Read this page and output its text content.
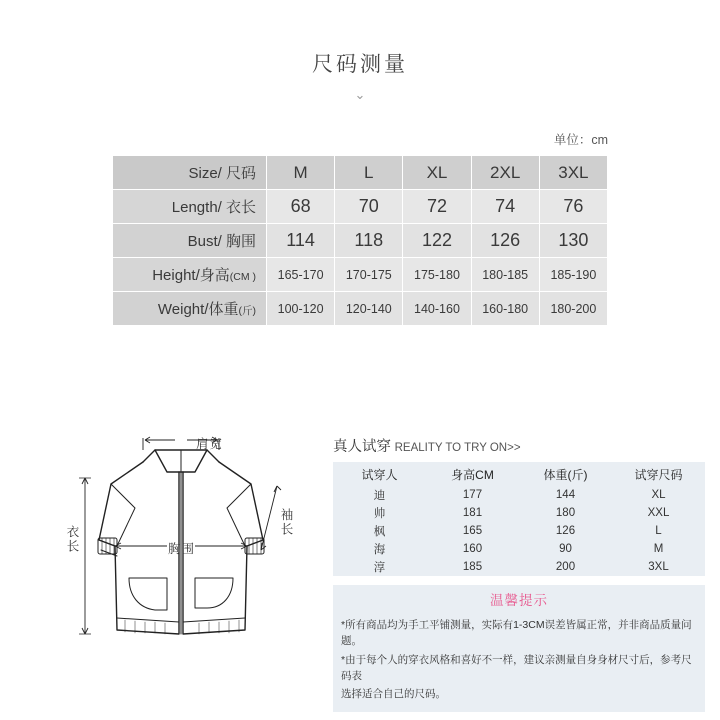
尺码测量
⌄
单位：cm
Size/ 尺码	M	L	XL	2XL	3XL
Length/ 衣长	68	70	72	74	76
Bust/ 胸围	114	118	122	126	130
Height/身高(CM )	165-170	170-175	175-180	180-185	185-190
Weight/体重(斤)	100-120	120-140	140-160	160-180	180-200
肩宽
胸围
衣长
袖长
真人试穿 REALITY TO TRY ON>>
试穿人	身高CM	体重(斤)	试穿尺码
迪	177	144	XL
帅	181	180	XXL
枫	165	126	L
海	160	90	M
淳	185	200	3XL
温馨提示

*所有商品均为手工平铺测量，实际有1-3CM误差皆属正常，并非商品质量问题。

*由于每个人的穿衣风格和喜好不一样，建议亲测量自身身材尺寸后，参考尺码表

选择适合自己的尺码。
